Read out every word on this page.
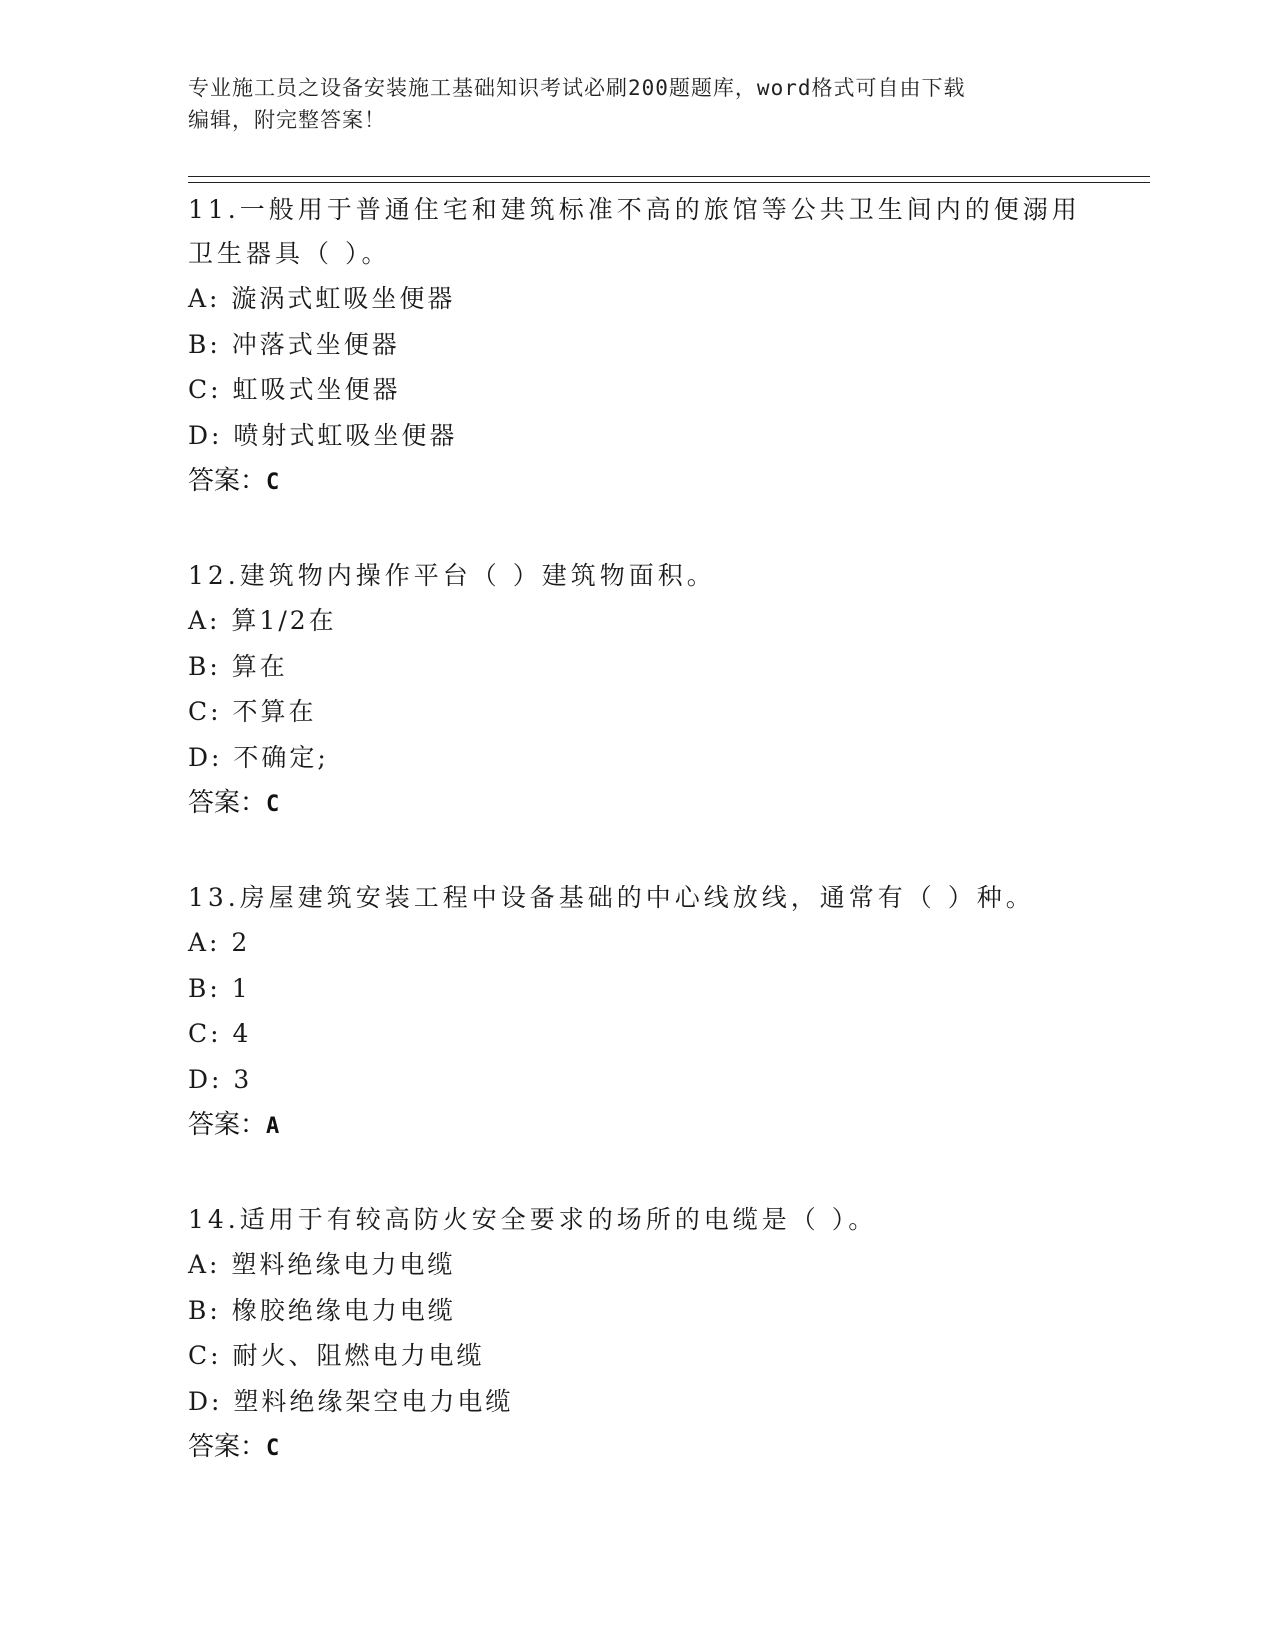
专业施工员之设备安装施工基础知识考试必刷200题题库，word格式可自由下载
编辑，附完整答案！

11.一般用于普通住宅和建筑标准不高的旅馆等公共卫生间内的便溺用

卫生器具（ ）。

A: 漩涡式虹吸坐便器

B: 冲落式坐便器

C: 虹吸式坐便器

D: 喷射式虹吸坐便器

答案：C

12.建筑物内操作平台（ ）建筑物面积。

A: 算1/2在

B: 算在

C: 不算在

D: 不确定;

答案：C

13.房屋建筑安装工程中设备基础的中心线放线，通常有（ ）种。

A: 2

B: 1

C: 4

D: 3

答案：A

14.适用于有较高防火安全要求的场所的电缆是（ ）。

A: 塑料绝缘电力电缆

B: 橡胶绝缘电力电缆

C: 耐火、阻燃电力电缆

D: 塑料绝缘架空电力电缆

答案：C
